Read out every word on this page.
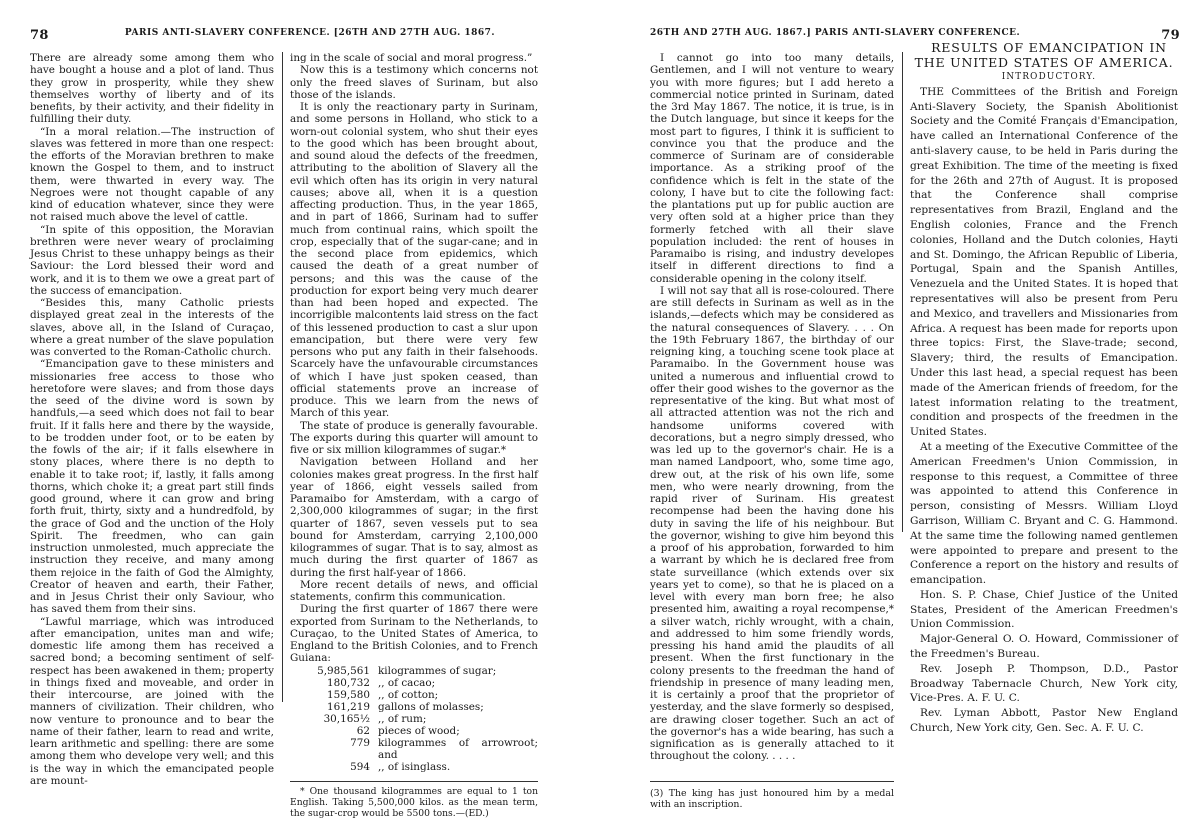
78	PARIS ANTI-SLAVERY CONFERENCE. [26TH AND 27TH AUG. 1867.

There are already some among them who have bought a house and a plot of land. Thus they grow in prosperity, while they shew themselves worthy of liberty and of its benefits, by their activity, and their fidelity in fulfilling their duty.

“In a moral relation.—The instruction of slaves was fettered in more than one respect: the efforts of the Moravian brethren to make known the Gospel to them, and to instruct them, were thwarted in every way. The Negroes were not thought capable of any kind of education whatever, since they were not raised much above the level of cattle.

“In spite of this opposition, the Moravian brethren were never weary of proclaiming Jesus Christ to these unhappy beings as their Saviour: the Lord blessed their word and work, and it is to them we owe a great part of the success of emancipation.

“Besides this, many Catholic priests displayed great zeal in the interests of the slaves, above all, in the Island of Curaçao, where a great number of the slave population was converted to the Roman-Catholic church.

“Emancipation gave to these ministers and missionaries free access to those who heretofore were slaves; and from those days the seed of the divine word is sown by handfuls,—a seed which does not fail to bear fruit. If it falls here and there by the wayside, to be trodden under foot, or to be eaten by the fowls of the air; if it falls elsewhere in stony places, where there is no depth to enable it to take root; if, lastly, it falls among thorns, which choke it; a great part still finds good ground, where it can grow and bring forth fruit, thirty, sixty and a hundredfold, by the grace of God and the unction of the Holy Spirit. The freedmen, who can gain instruction unmolested, much appreciate the instruction they receive, and many among them rejoice in the faith of God the Almighty, Creator of heaven and earth, their Father, and in Jesus Christ their only Saviour, who has saved them from their sins.

“Lawful marriage, which was introduced after emancipation, unites man and wife; domestic life among them has received a sacred bond; a becoming sentiment of self-respect has been awakened in them; property in things fixed and moveable, and order in their intercourse, are joined with the manners of civilization. Their children, who now venture to pronounce and to bear the name of their father, learn to read and write, learn arithmetic and spelling: there are some among them who develope very well; and this is the way in which the emancipated people are mount-

ing in the scale of social and moral progress.”

Now this is a testimony which concerns not only the freed slaves of Surinam, but also those of the islands.

It is only the reactionary party in Surinam, and some persons in Holland, who stick to a worn-out colonial system, who shut their eyes to the good which has been brought about, and sound aloud the defects of the freedmen, attributing to the abolition of Slavery all the evil which often has its origin in very natural causes; above all, when it is a question affecting production. Thus, in the year 1865, and in part of 1866, Surinam had to suffer much from continual rains, which spoilt the crop, especially that of the sugar-cane; and in the second place from epidemics, which caused the death of a great number of persons; and this was the cause of the production for export being very much dearer than had been hoped and expected. The incorrigible malcontents laid stress on the fact of this lessened production to cast a slur upon emancipation, but there were very few persons who put any faith in their falsehoods. Scarcely have the unfavourable circumstances of which I have just spoken ceased, than official statements prove an increase of produce. This we learn from the news of March of this year.

The state of produce is generally favourable. The exports during this quarter will amount to five or six million kilogrammes of sugar.*

Navigation between Holland and her colonies makes great progress. In the first half year of 1866, eight vessels sailed from Paramaibo for Amsterdam, with a cargo of 2,300,000 kilogrammes of sugar; in the first quarter of 1867, seven vessels put to sea bound for Amsterdam, carrying 2,100,000 kilogrammes of sugar. That is to say, almost as much during the first quarter of 1867 as during the first half-year of 1866.

More recent details of news, and official statements, confirm this communication.

During the first quarter of 1867 there were exported from Surinam to the Netherlands, to Curaçao, to the United States of America, to England to the British Colonies, and to French Guiana:

5,985,561 kilogrammes of sugar;
180,732 ,, of cacao;
159,580 ,, of cotton;
161,219 gallons of molasses;
30,165½ ,, of rum;
62 pieces of wood;
779 kilogrammes of arrowroot; and
594 ,, of isinglass.

* One thousand kilogrammes are equal to 1 ton English. Taking 5,500,000 kilos. as the mean term, the sugar-crop would be 5500 tons.—(ED.)

26TH AND 27TH AUG. 1867.] PARIS ANTI-SLAVERY CONFERENCE.	79

I cannot go into too many details, Gentlemen, and I will not venture to weary you with more figures; but I add hereto a commercial notice printed in Surinam, dated the 3rd May 1867. The notice, it is true, is in the Dutch language, but since it keeps for the most part to figures, I think it is sufficient to convince you that the produce and the commerce of Surinam are of considerable importance. As a striking proof of the confidence which is felt in the state of the colony, I have but to cite the following fact: the plantations put up for public auction are very often sold at a higher price than they formerly fetched with all their slave population included: the rent of houses in Paramaibo is rising, and industry developes itself in different directions to find a considerable opening in the colony itself.

I will not say that all is rose-coloured. There are still defects in Surinam as well as in the islands,—defects which may be considered as the natural consequences of Slavery. . . . On the 19th February 1867, the birthday of our reigning king, a touching scene took place at Paramaibo. In the Government house was united a numerous and influential crowd to offer their good wishes to the governor as the representative of the king. But what most of all attracted attention was not the rich and handsome uniforms covered with decorations, but a negro simply dressed, who was led up to the governor's chair. He is a man named Landpoort, who, some time ago, drew out, at the risk of his own life, some men, who were nearly drowning, from the rapid river of Surinam. His greatest recompense had been the having done his duty in saving the life of his neighbour. But the governor, wishing to give him beyond this a proof of his approbation, forwarded to him a warrant by which he is declared free from state surveillance (which extends over six years yet to come), so that he is placed on a level with every man born free; he also presented him, awaiting a royal recompense,* a silver watch, richly wrought, with a chain, and addressed to him some friendly words, pressing his hand amid the plaudits of all present. When the first functionary in the colony presents to the freedman the hand of friendship in presence of many leading men, it is certainly a proof that the proprietor of yesterday, and the slave formerly so despised, are drawing closer together. Such an act of the governor's has a wide bearing, has such a signification as is generally attached to it throughout the colony. . . . .

(3) The king has just honoured him by a medal with an inscription.

RESULTS OF EMANCIPATION IN THE UNITED STATES OF AMERICA.

INTRODUCTORY.

THE Committees of the British and Foreign Anti-Slavery Society, the Spanish Abolitionist Society and the Comité Français d'Emancipation, have called an International Conference of the anti-slavery cause, to be held in Paris during the great Exhibition. The time of the meeting is fixed for the 26th and 27th of August. It is proposed that the Conference shall comprise representatives from Brazil, England and the English colonies, France and the French colonies, Holland and the Dutch colonies, Hayti and St. Domingo, the African Republic of Liberia, Portugal, Spain and the Spanish Antilles, Venezuela and the United States. It is hoped that representatives will also be present from Peru and Mexico, and travellers and Missionaries from Africa. A request has been made for reports upon three topics: First, the Slave-trade; second, Slavery; third, the results of Emancipation. Under this last head, a special request has been made of the American friends of freedom, for the latest information relating to the treatment, condition and prospects of the freedmen in the United States.

At a meeting of the Executive Committee of the American Freedmen's Union Commission, in response to this request, a Committee of three was appointed to attend this Conference in person, consisting of Messrs. William Lloyd Garrison, William C. Bryant and C. G. Hammond. At the same time the following named gentlemen were appointed to prepare and present to the Conference a report on the history and results of emancipation.

Hon. S. P. Chase, Chief Justice of the United States, President of the American Freedmen's Union Commission.

Major-General O. O. Howard, Commissioner of the Freedmen's Bureau.

Rev. Joseph P. Thompson, D.D., Pastor Broadway Tabernacle Church, New York city, Vice-Pres. A. F. U. C.

Rev. Lyman Abbott, Pastor New England Church, New York city, Gen. Sec. A. F. U. C.
